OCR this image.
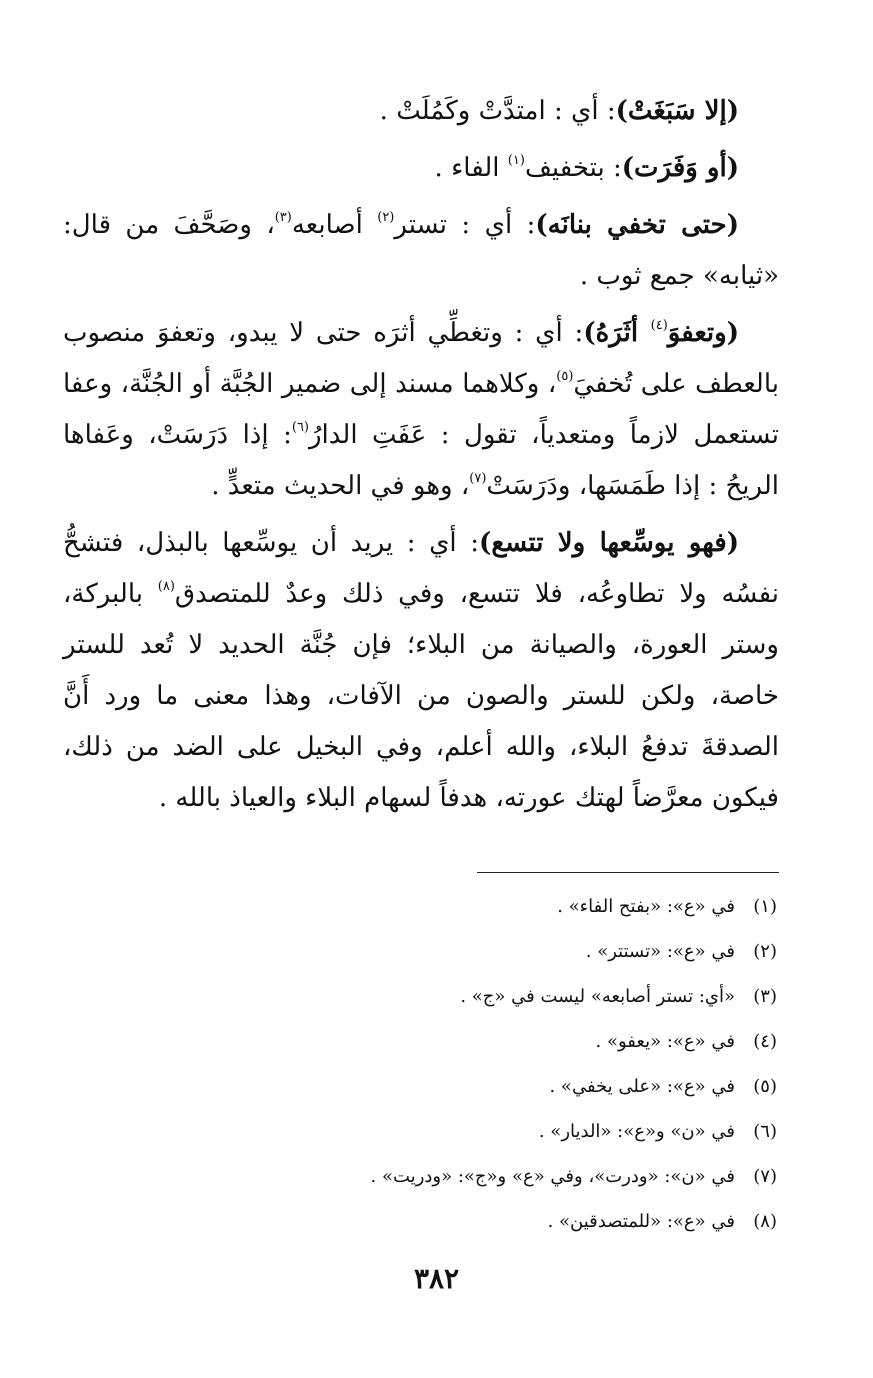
(إلا سَبَغَتْ): أي : امتدَّتْ وكَمُلَتْ .

(أو وَفَرَت): بتخفيف$^{(١)}$ الفاء .

(حتى تخفي بنانَه): أي : تستر$^{(٢)}$ أصابعه$^{(٣)}$، وصَحَّفَ من قال: «ثيابه» جمع ثوب .

(وتعفوَ$^{(٤)}$ أثَرَهُ): أي : وتغطِّي أثرَه حتى لا يبدو، وتعفوَ منصوب بالعطف على تُخفيَ$^{(٥)}$، وكلاهما مسند إلى ضمير الجُبَّة أو الجُنَّة، وعفا تستعمل لازماً ومتعدياً، تقول : عَفَتِ الدارُ$^{(٦)}$: إذا دَرَسَتْ، وعَفاها الريحُ : إذا طَمَسَها، ودَرَسَتْ$^{(٧)}$، وهو في الحديث متعدٍّ .

(فهو يوسِّعها ولا تتسع): أي : يريد أن يوسِّعها بالبذل، فتشحُّ نفسُه ولا تطاوعُه، فلا تتسع، وفي ذلك وعدٌ للمتصدق$^{(٨)}$ بالبركة، وستر العورة، والصيانة من البلاء؛ فإن جُنَّة الحديد لا تُعد للستر خاصة، ولكن للستر والصون من الآفات، وهذا معنى ما ورد أَنَّ الصدقةَ تدفعُ البلاء، والله أعلم، وفي البخيل على الضد من ذلك، فيكون معرَّضاً لهتك عورته، هدفاً لسهام البلاء والعياذ بالله .

(١)في «ع»: «بفتح الفاء» .
(٢)في «ع»: «تستتر» .
(٣)«أي: تستر أصابعه» ليست في «ج» .
(٤)في «ع»: «يعفو» .
(٥)في «ع»: «على يخفي» .
(٦)في «ن» و«ع»: «الديار» .
(٧)في «ن»: «ودرت»، وفي «ع» و«ج»: «ودريت» .
(٨)في «ع»: «للمتصدقين» .
٣٨٢
